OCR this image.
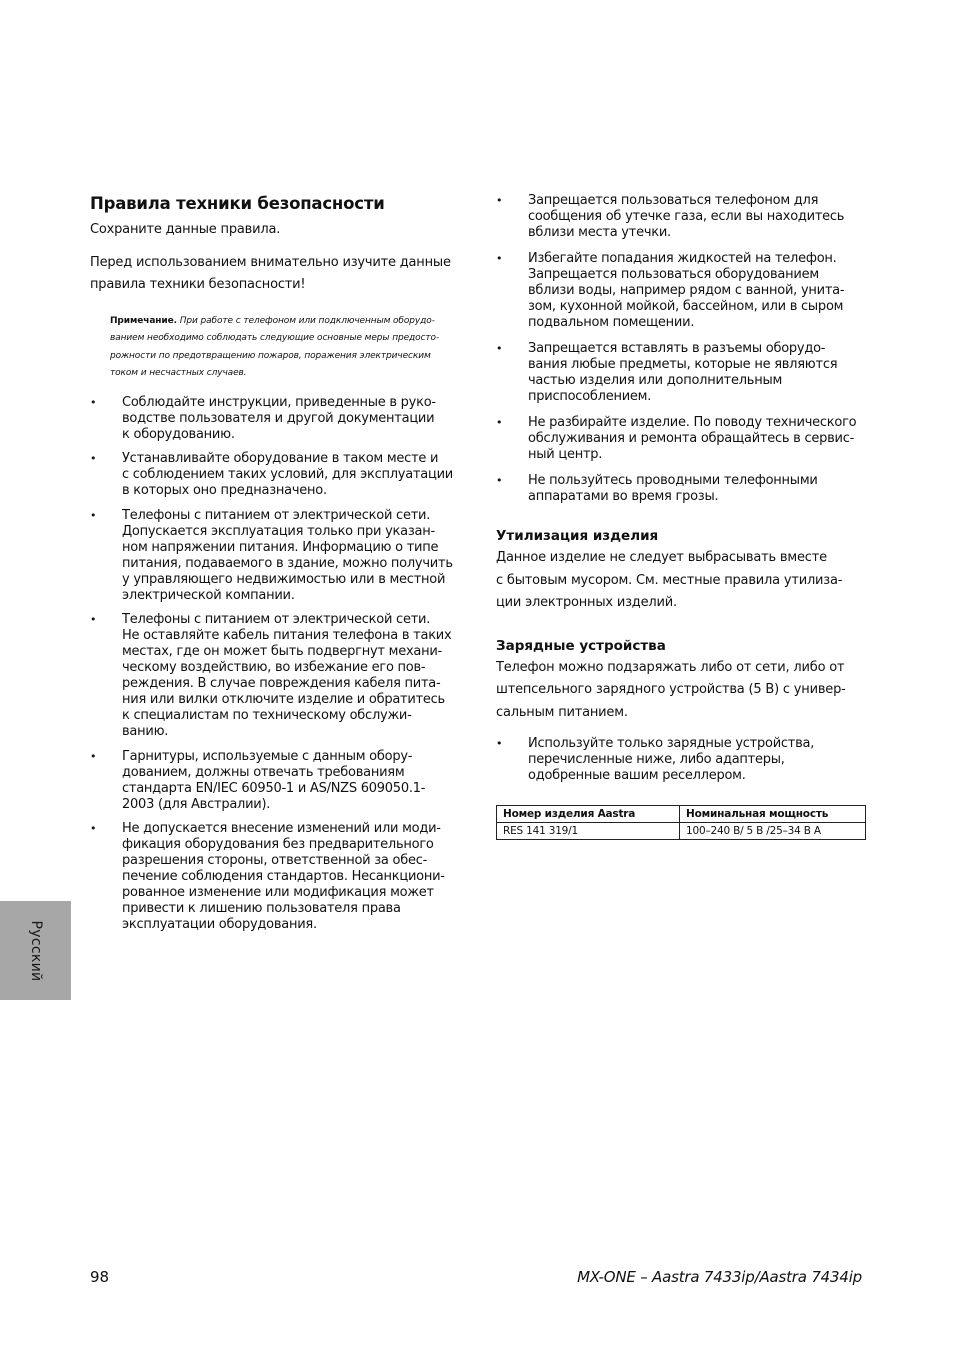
Правила техники безопасности

Сохраните данные правила.

Перед использованием внимательно изучите данные

правила техники безопасности!

Примечание. При работе с телефоном или подключенным оборудо-
ванием необходимо соблюдать следующие основные меры предосто-
рожности по предотвращению пожаров, поражения электрическим
током и несчастных случаев.
• Соблюдайте инструкции, приведенные в руко-
водстве пользователя и другой документации
к оборудованию.
• Устанавливайте оборудование в таком месте и
с соблюдением таких условий, для эксплуатации
в которых оно предназначено.
• Телефоны с питанием от электрической сети.
Допускается эксплуатация только при указан-
ном напряжении питания. Информацию о типе
питания, подаваемого в здание, можно получить
у управляющего недвижимостью или в местной
электрической компании.
• Телефоны с питанием от электрической сети.
Не оставляйте кабель питания телефона в таких
местах, где он может быть подвергнут механи-
ческому воздействию, во избежание его пов-
реждения. В случае повреждения кабеля пита-
ния или вилки отключите изделие и обратитесь
к специалистам по техническому обслужи-
ванию.
• Гарнитуры, используемые с данным обору-
дованием, должны отвечать требованиям
стандарта EN/IEC 60950-1 и AS/NZS 609050.1-
2003 (для Австралии).
• Не допускается внесение изменений или моди-
фикация оборудования без предварительного
разрешения стороны, ответственной за обес-
печение соблюдения стандартов. Несанкциони-
рованное изменение или модификация может
привести к лишению пользователя права
эксплуатации оборудования.
• Запрещается пользоваться телефоном для
сообщения об утечке газа, если вы находитесь
вблизи места утечки.
• Избегайте попадания жидкостей на телефон.
Запрещается пользоваться оборудованием
вблизи воды, например рядом с ванной, унита-
зом, кухонной мойкой, бассейном, или в сыром
подвальном помещении.
• Запрещается вставлять в разъемы оборудо-
вания любые предметы, которые не являются
частью изделия или дополнительным
приспособлением.
• Не разбирайте изделие. По поводу технического
обслуживания и ремонта обращайтесь в сервис-
ный центр.
• Не пользуйтесь проводными телефонными
аппаратами во время грозы.
Утилизация изделия

Данное изделие не следует выбрасывать вместе

с бытовым мусором. См. местные правила утилиза-

ции электронных изделий.

Зарядные устройства

Телефон можно подзаряжать либо от сети, либо от

штепсельного зарядного устройства (5 В) с универ-

сальным питанием.

• Используйте только зарядные устройства,
перечисленные ниже, либо адаптеры,
одобренные вашим реселлером.
Номер изделия Aastra	Номинальная мощность
RES 141 319/1	100–240 В/ 5 В /25–34 В А
Русский
98	MX-ONE – Aastra 7433ip/Aastra 7434ip
